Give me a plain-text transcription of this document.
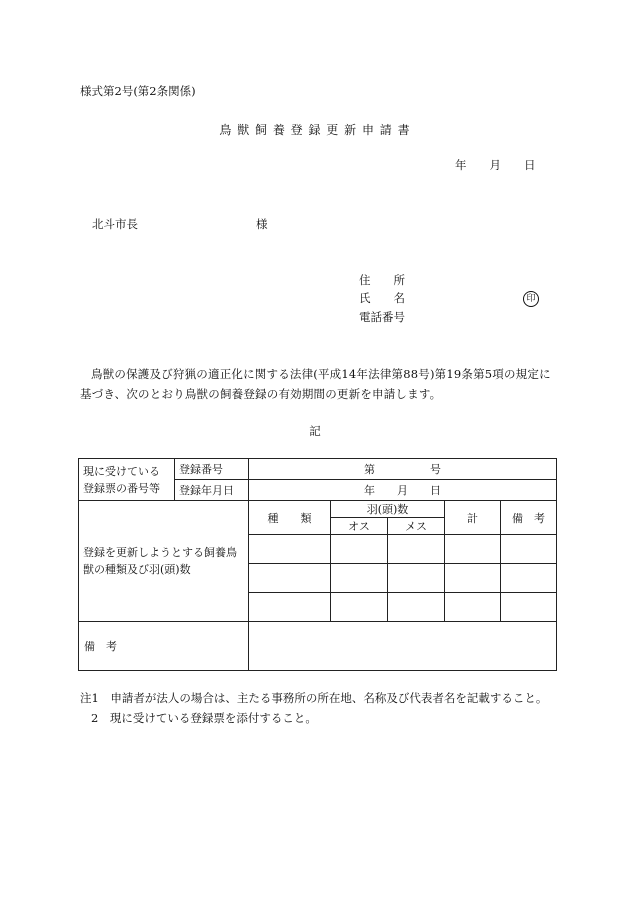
様式第2号(第2条関係)
鳥 獣 飼 養 登 録 更 新 申 請 書
年　　月　　日
北斗市長	様
住　　所
氏　　名	印
電話番号
鳥獣の保護及び狩猟の適正化に関する法律(平成14年法律第88号)第19条第5項の規定に基づき、次のとおり鳥獣の飼養登録の有効期間の更新を申請します。
記
現に受けている登録票の番号等	登録番号	第　　　　　号				
	登録年月日	年　　月　　日				
登録を更新しようとする飼養鳥獣の種類及び羽(頭)数		種　　類	羽(頭)数		計	備　考
			オス	メス		

備　考						
注1　 申請者が法人の場合は、主たる事務所の所在地、名称及び代表者名を記載すること。
2　 現に受けている登録票を添付すること。
